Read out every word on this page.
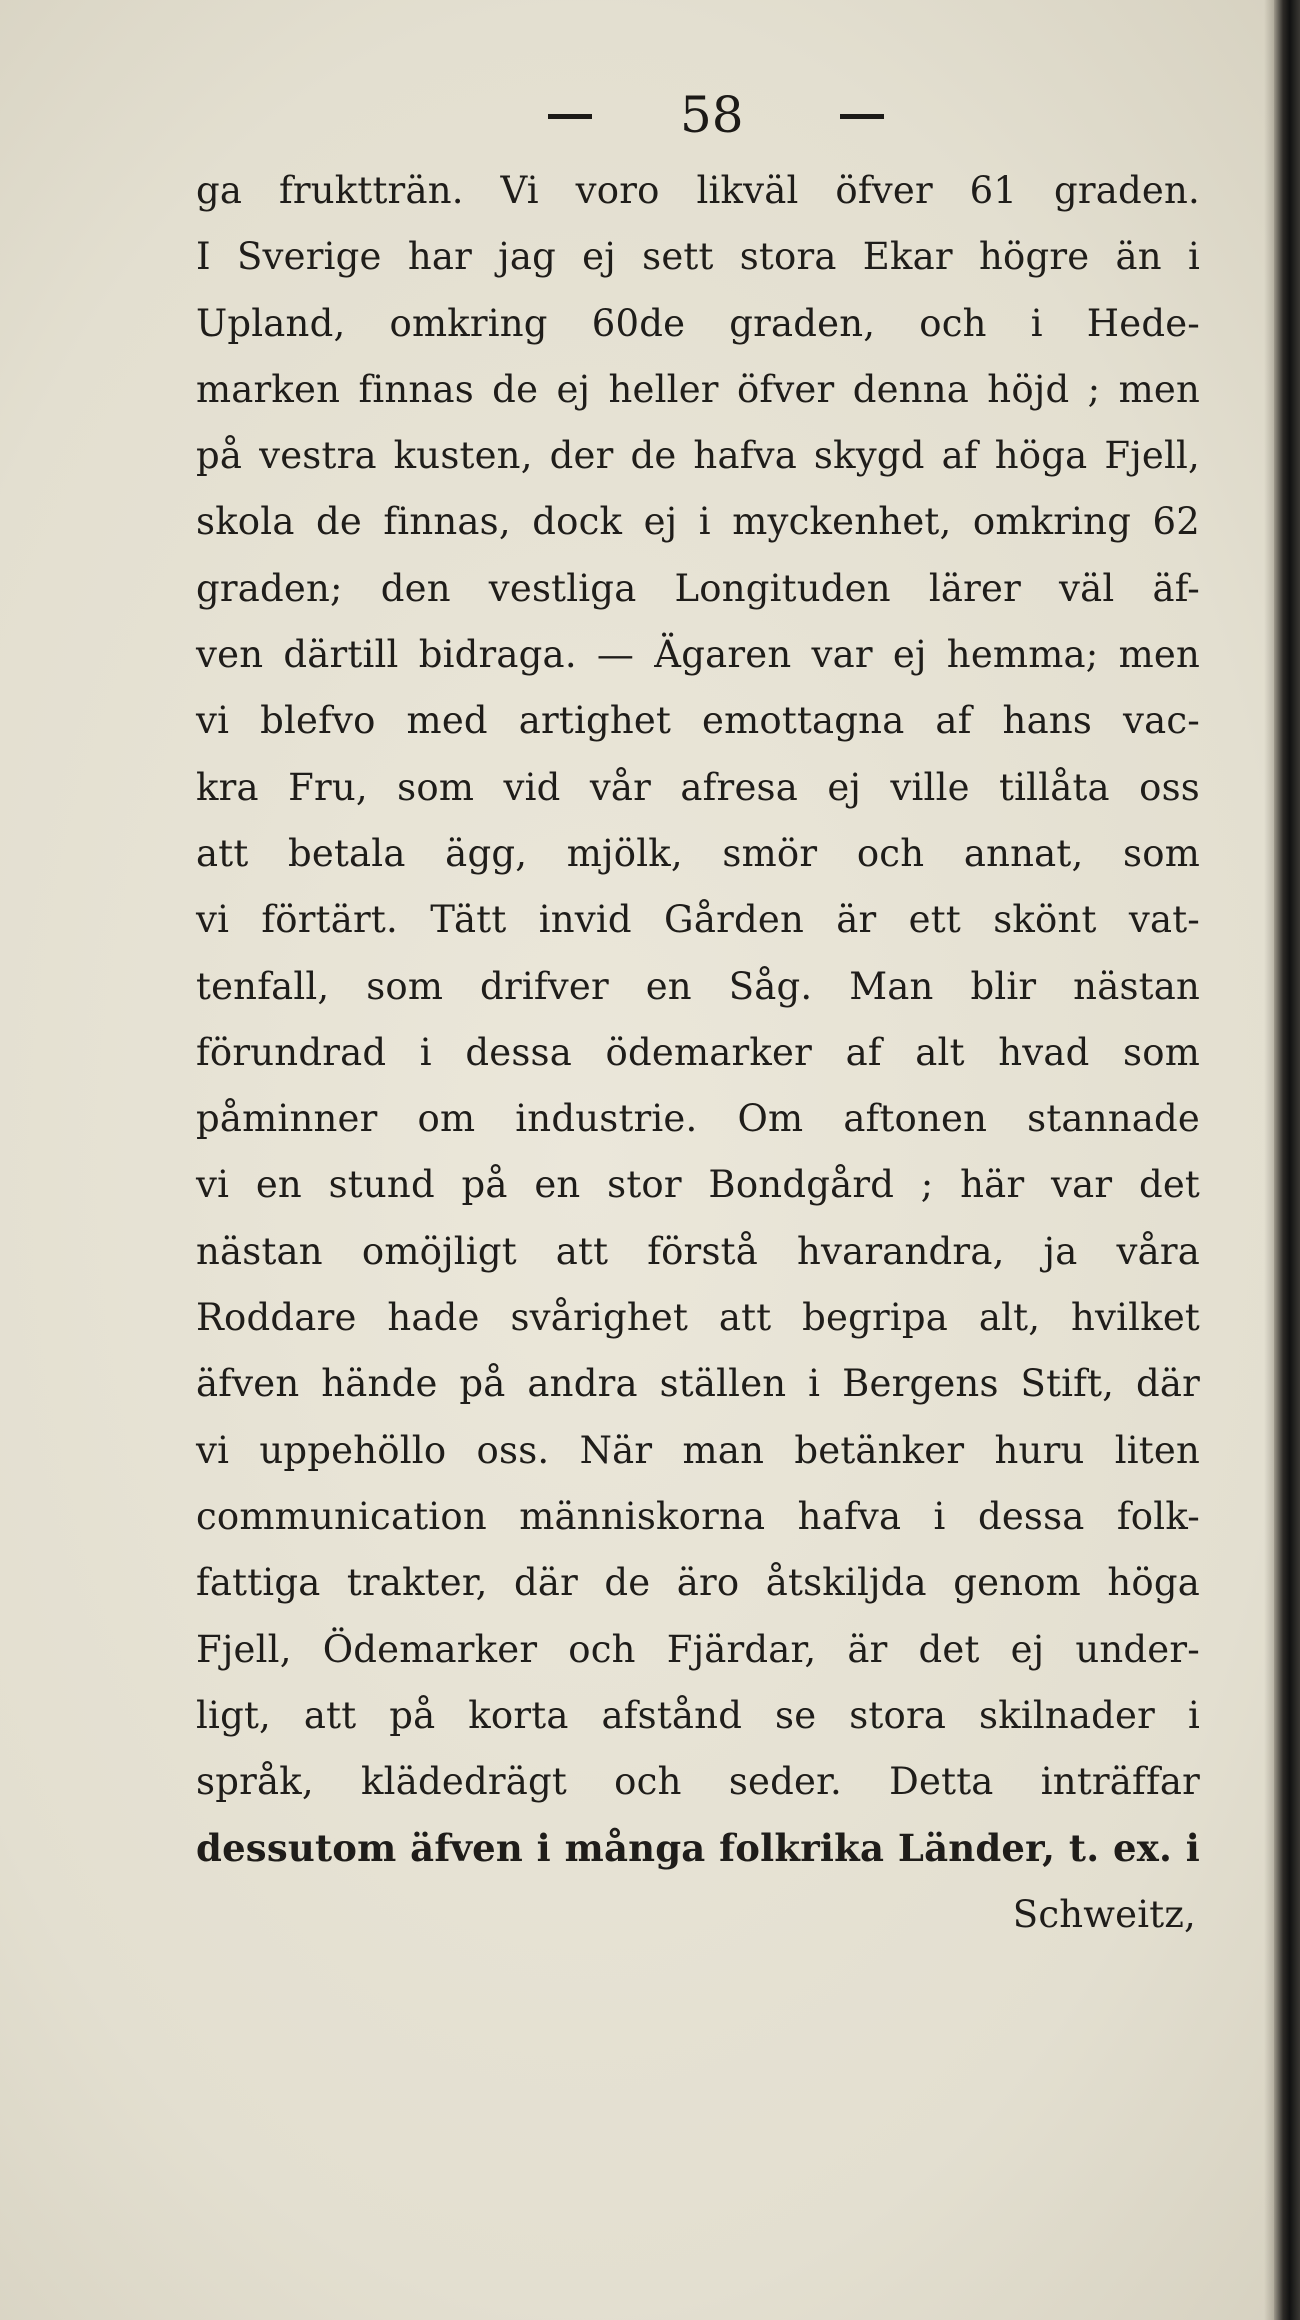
58
ga fruktträn. Vi voro likväl öfver 61 graden.
I Sverige har jag ej sett stora Ekar högre än i
Upland, omkring 60de graden, och i Hede-
marken finnas de ej heller öfver denna höjd ; men
på vestra kusten, der de hafva skygd af höga Fjell,
skola de finnas, dock ej i myckenhet, omkring 62
graden; den vestliga Longituden lärer väl äf-
ven därtill bidraga. — Ägaren var ej hemma; men
vi blefvo med artighet emottagna af hans vac-
kra Fru, som vid vår afresa ej ville tillåta oss
att betala ägg, mjölk, smör och annat, som
vi förtärt. Tätt invid Gården är ett skönt vat-
tenfall, som drifver en Såg. Man blir nästan
förundrad i dessa ödemarker af alt hvad som
påminner om industrie. Om aftonen stannade
vi en stund på en stor Bondgård ; här var det
nästan omöjligt att förstå hvarandra, ja våra
Roddare hade svårighet att begripa alt, hvilket
äfven hände på andra ställen i Bergens Stift, där
vi uppehöllo oss. När man betänker huru liten
communication människorna hafva i dessa folk-
fattiga trakter, där de äro åtskiljda genom höga
Fjell, Ödemarker och Fjärdar, är det ej under-
ligt, att på korta afstånd se stora skilnader i
språk, klädedrägt och seder. Detta inträffar
dessutom äfven i många folkrika Länder, t. ex. i
Schweitz,
